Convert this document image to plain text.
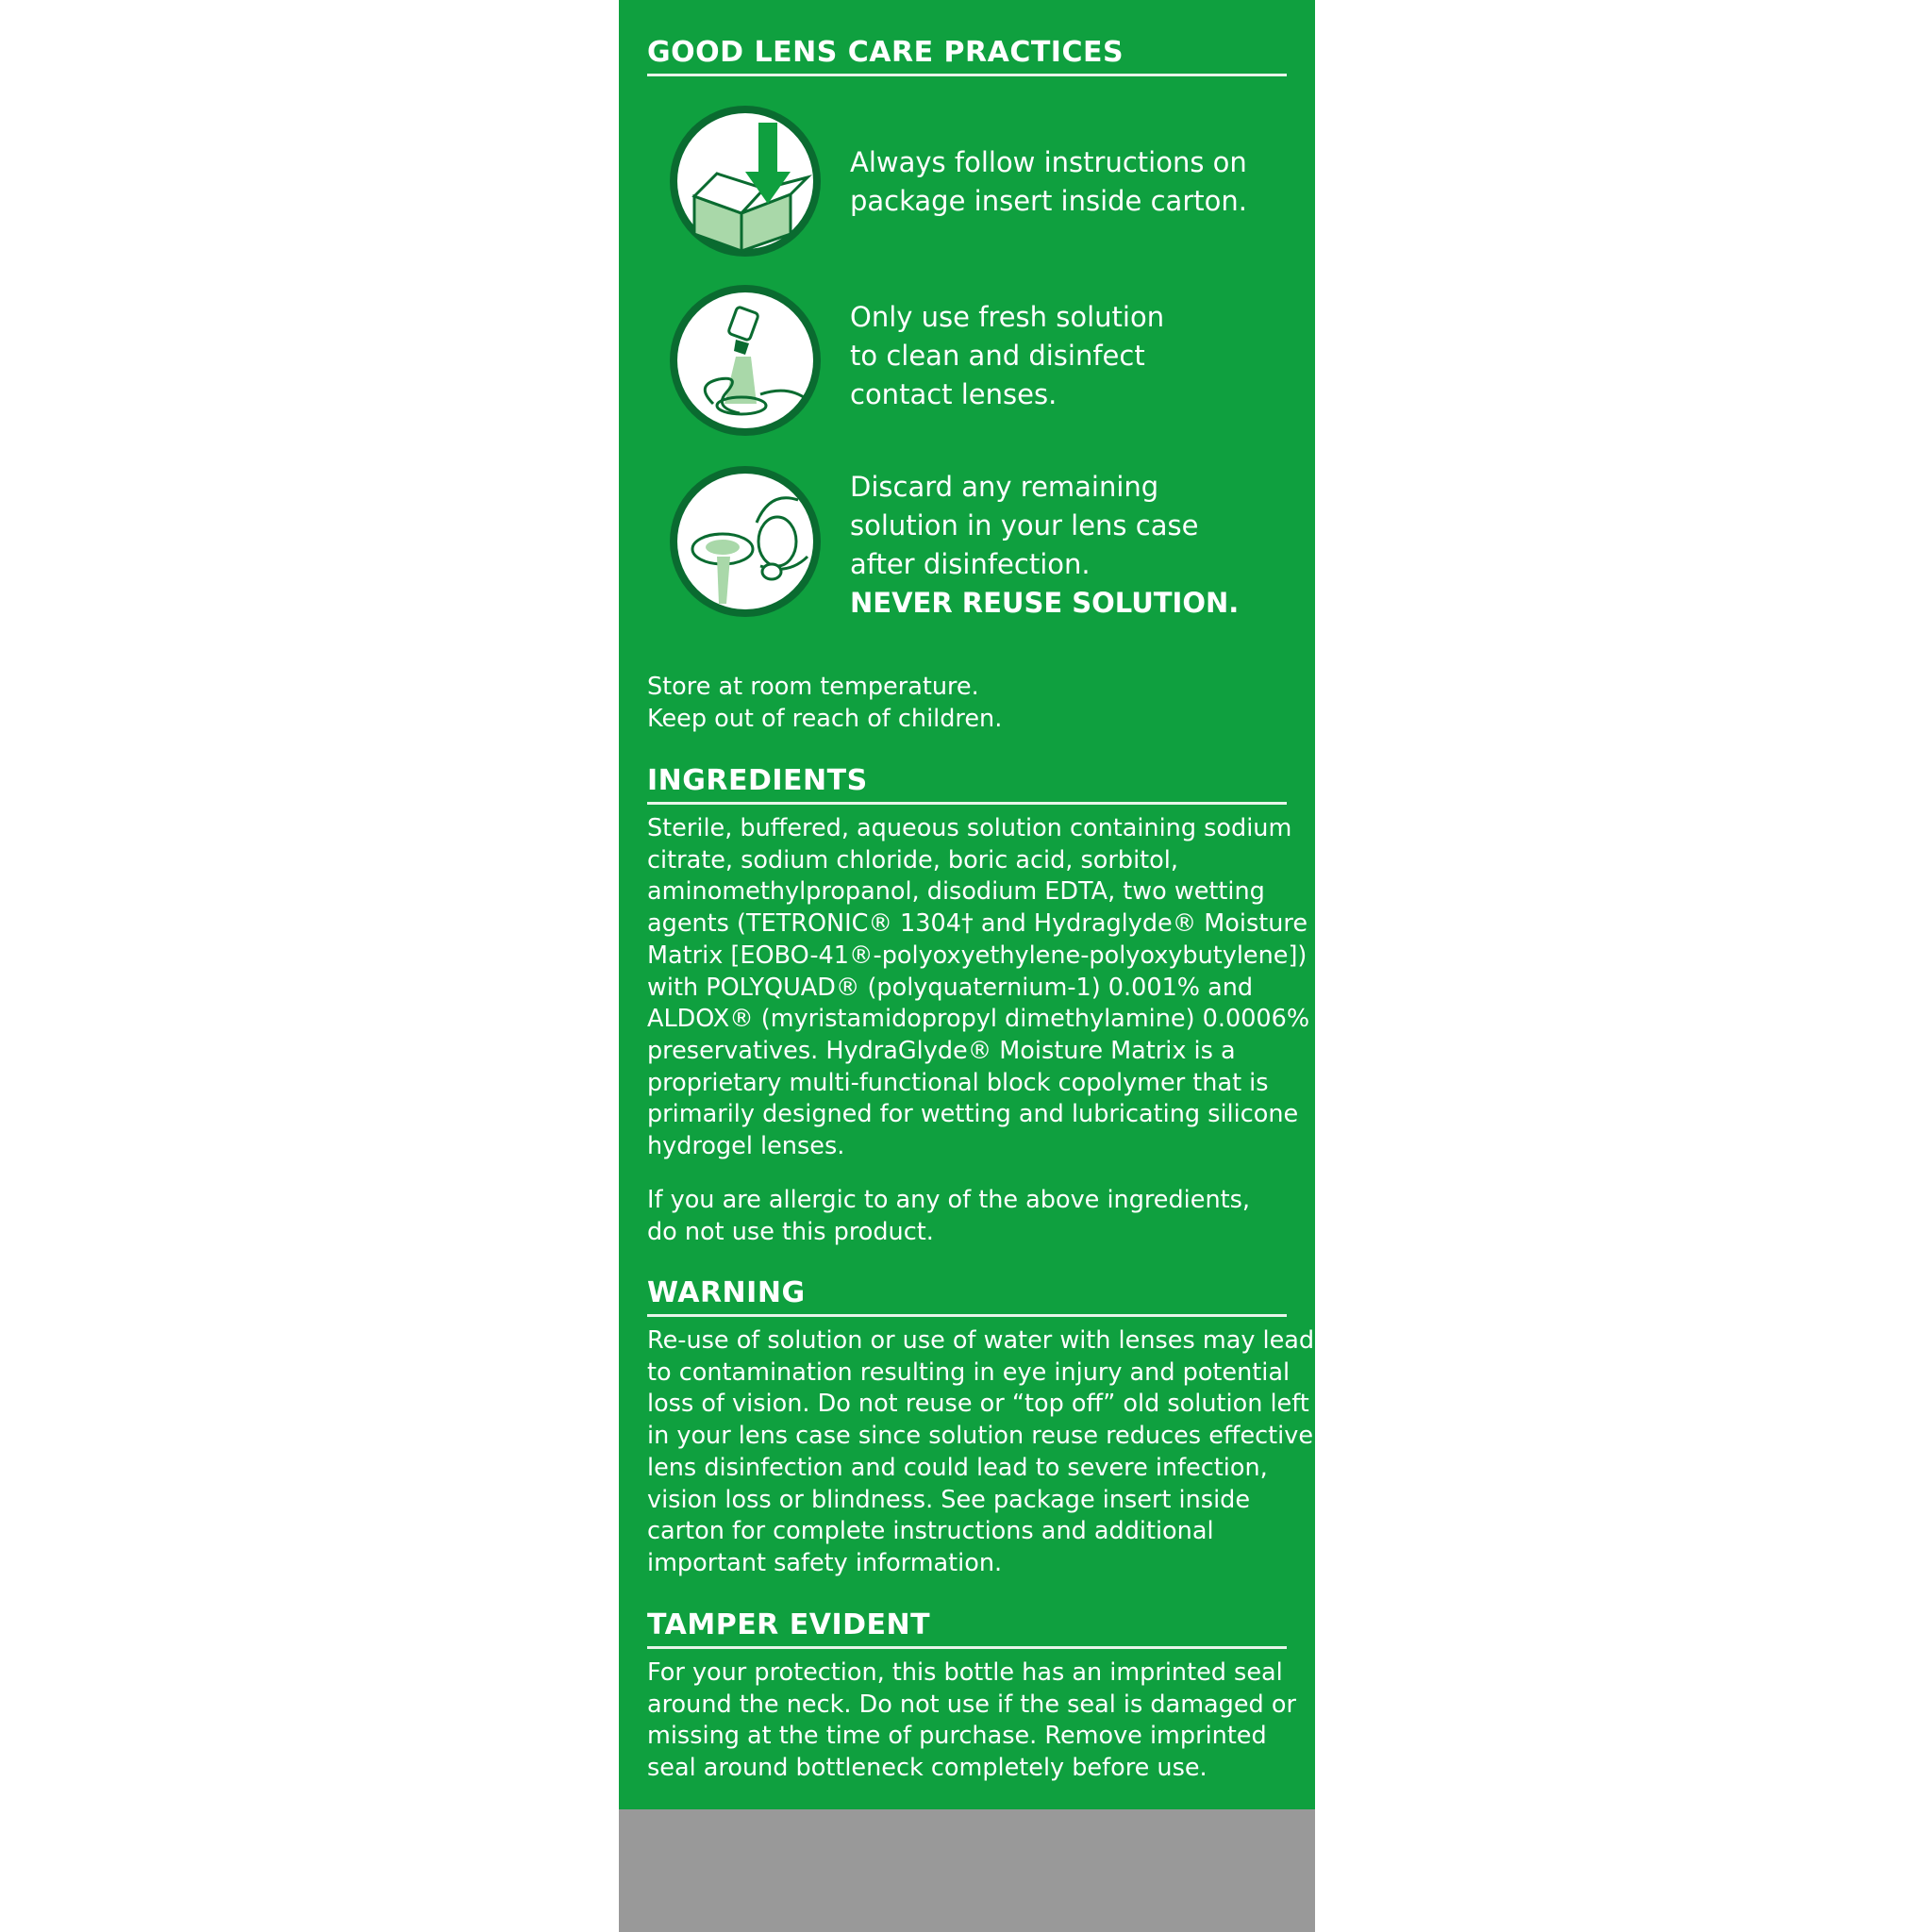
GOOD LENS CARE PRACTICES
Always follow instructions on
package insert inside carton.
Only use fresh solution
to clean and disinfect
contact lenses.
Discard any remaining
solution in your lens case
after disinfection.
NEVER REUSE SOLUTION.
Store at room temperature.
Keep out of reach of children.
INGREDIENTS
Sterile, buffered, aqueous solution containing sodium
citrate, sodium chloride, boric acid, sorbitol,
aminomethylpropanol, disodium EDTA, two wetting
agents (TETRONIC® 1304† and Hydraglyde® Moisture
Matrix [EOBO-41®-polyoxyethylene-polyoxybutylene])
with POLYQUAD® (polyquaternium-1) 0.001% and
ALDOX® (myristamidopropyl dimethylamine) 0.0006%
preservatives. HydraGlyde® Moisture Matrix is a
proprietary multi-functional block copolymer that is
primarily designed for wetting and lubricating silicone
hydrogel lenses.
If you are allergic to any of the above ingredients,
do not use this product.
WARNING
Re-use of solution or use of water with lenses may lead
to contamination resulting in eye injury and potential
loss of vision. Do not reuse or “top off” old solution left
in your lens case since solution reuse reduces effective
lens disinfection and could lead to severe infection,
vision loss or blindness. See package insert inside
carton for complete instructions and additional
important safety information.
TAMPER EVIDENT
For your protection, this bottle has an imprinted seal
around the neck. Do not use if the seal is damaged or
missing at the time of purchase. Remove imprinted
seal around bottleneck completely before use.
